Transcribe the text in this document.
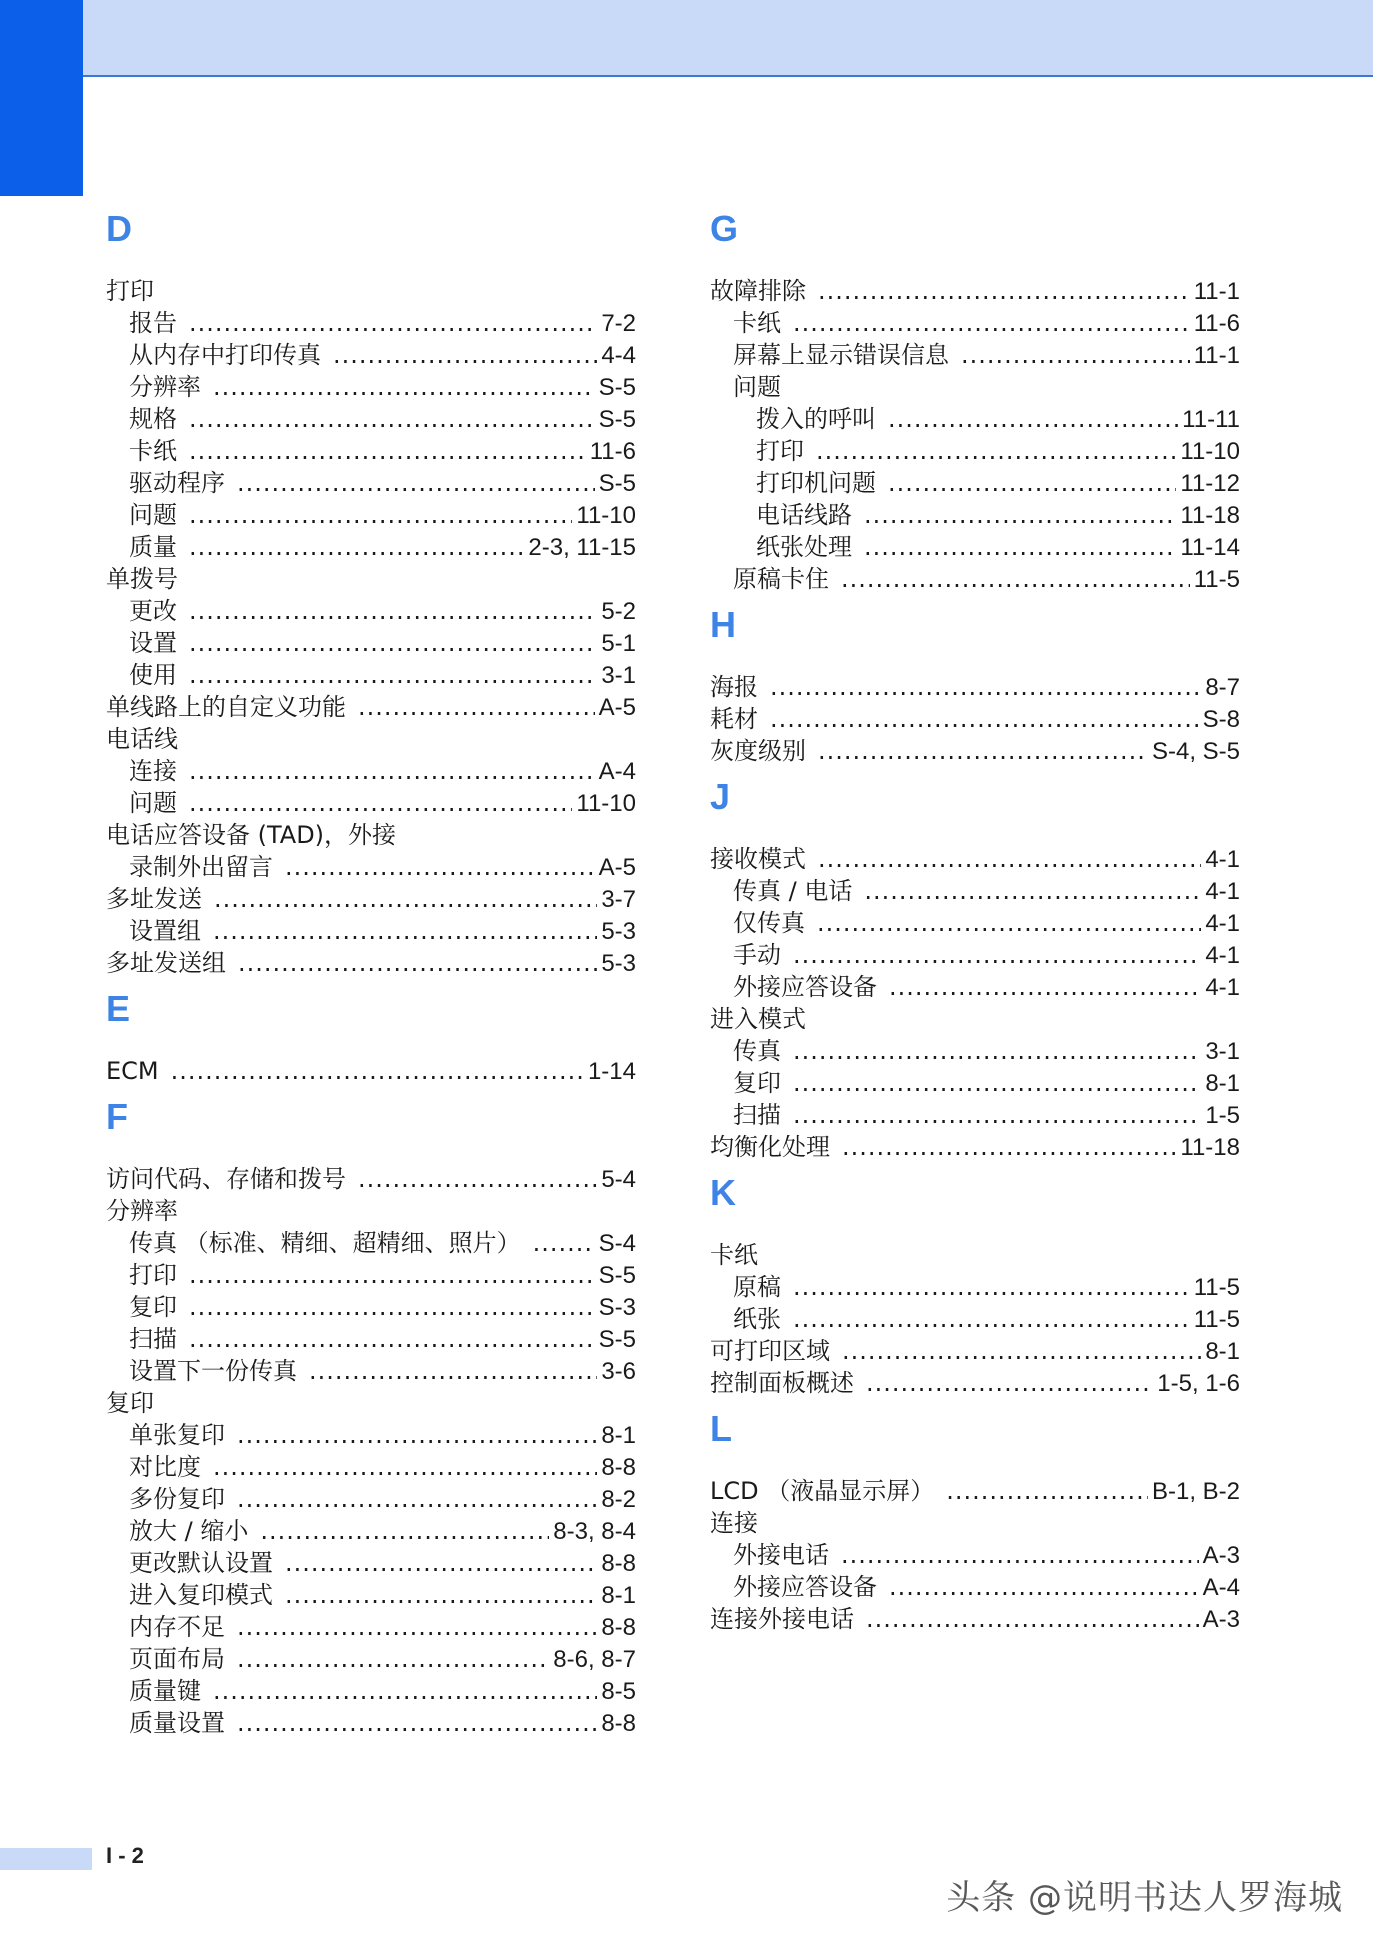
D
打印
报告 .....	7-2
从内存中打印传真 .....	4-4
分辨率 .....	S-5
规格 .....	S-5
卡纸 .....	11-6
驱动程序 .....	S-5
问题 .....	11-10
质量 .....	2-3, 11-15
单拨号
更改 .....	5-2
设置 .....	5-1
使用 .....	3-1
单线路上的自定义功能 .....	A-5
电话线
连接 .....	A-4
问题 .....	11-10
电话应答设备 (TAD)，外接
录制外出留言 .....	A-5
多址发送 .....	3-7
设置组 .....	5-3
多址发送组 .....	5-3
E
ECM .....	1-14
F
访问代码、存储和拨号 .....	5-4
分辨率
传真 （标准、精细、超精细、照片） .....	S-4
打印 .....	S-5
复印 .....	S-3
扫描 .....	S-5
设置下一份传真 .....	3-6
复印
单张复印 .....	8-1
对比度 .....	8-8
多份复印 .....	8-2
放大 / 缩小 .....	8-3, 8-4
更改默认设置 .....	8-8
进入复印模式 .....	8-1
内存不足 .....	8-8
页面布局 .....	8-6, 8-7
质量键 .....	8-5
质量设置 .....	8-8
G
故障排除 .....	11-1
卡纸 .....	11-6
屏幕上显示错误信息 .....	11-1
问题
拨入的呼叫 .....	11-11
打印 .....	11-10
打印机问题 .....	11-12
电话线路 .....	11-18
纸张处理 .....	11-14
原稿卡住 .....	11-5
H
海报 .....	8-7
耗材 .....	S-8
灰度级别 .....	S-4, S-5
J
接收模式 .....	4-1
传真 / 电话 .....	4-1
仅传真 .....	4-1
手动 .....	4-1
外接应答设备 .....	4-1
进入模式
传真 .....	3-1
复印 .....	8-1
扫描 .....	1-5
均衡化处理 .....	11-18
K
卡纸
原稿 .....	11-5
纸张 .....	11-5
可打印区域 .....	8-1
控制面板概述 .....	1-5, 1-6
L
LCD （液晶显示屏） .....	B-1, B-2
连接
外接电话 .....	A-3
外接应答设备 .....	A-4
连接外接电话 .....	A-3
I - 2
头条 @说明书达人罗海城
